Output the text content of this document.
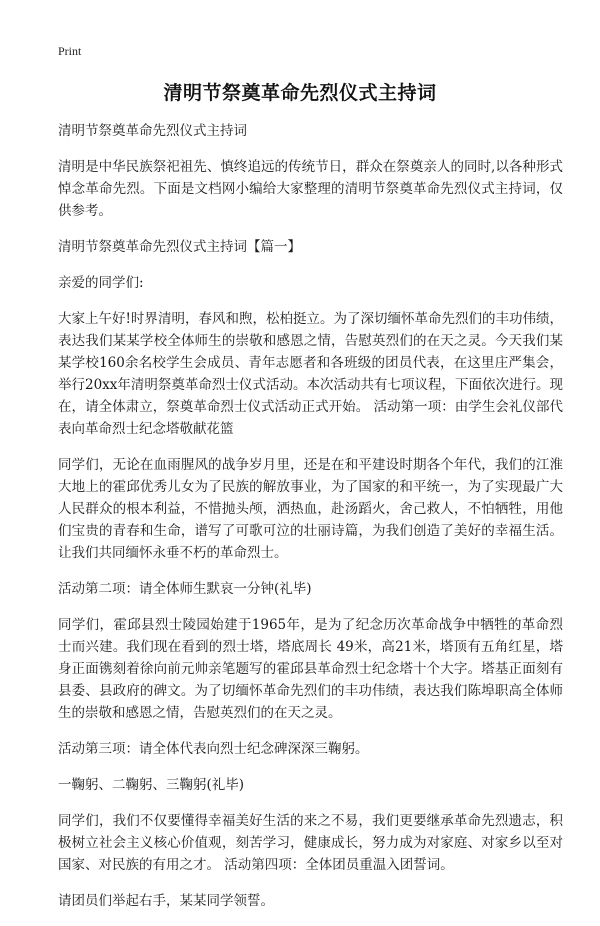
Print
清明节祭奠革命先烈仪式主持词

清明节祭奠革命先烈仪式主持词

清明是中华民族祭祀祖先、慎终追远的传统节日，群众在祭奠亲人的同时,以各种形式悼念革命先烈。下面是文档网小编给大家整理的清明节祭奠革命先烈仪式主持词，仅供参考。

清明节祭奠革命先烈仪式主持词【篇一】

亲爱的同学们:

大家上午好!时界清明，春风和煦，松柏挺立。为了深切缅怀革命先烈们的丰功伟绩，表达我们某某学校全体师生的崇敬和感恩之情，告慰英烈们的在天之灵。今天我们某某学校160余名校学生会成员、青年志愿者和各班级的团员代表，在这里庄严集会，举行20xx年清明祭奠革命烈士仪式活动。本次活动共有七项议程，下面依次进行。现在，请全体肃立，祭奠革命烈士仪式活动正式开始。 活动第一项：由学生会礼仪部代表向革命烈士纪念塔敬献花篮

同学们，无论在血雨腥风的战争岁月里，还是在和平建设时期各个年代，我们的江淮大地上的霍邱优秀儿女为了民族的解放事业，为了国家的和平统一，为了实现最广大人民群众的根本利益，不惜抛头颅，洒热血，赴汤蹈火，舍己救人，不怕牺牲，用他们宝贵的青春和生命，谱写了可歌可泣的壮丽诗篇，为我们创造了美好的幸福生活。让我们共同缅怀永垂不朽的革命烈士。

活动第二项：请全体师生默哀一分钟(礼毕)

同学们，霍邱县烈士陵园始建于1965年，是为了纪念历次革命战争中牺牲的革命烈士而兴建。我们现在看到的烈士塔，塔底周长 49米，高21米，塔顶有五角红星，塔身正面镌刻着徐向前元帅亲笔题写的霍邱县革命烈士纪念塔十个大字。塔基正面刻有县委、县政府的碑文。为了切缅怀革命先烈们的丰功伟绩，表达我们陈埠职高全体师生的崇敬和感恩之情，告慰英烈们的在天之灵。

活动第三项：请全体代表向烈士纪念碑深深三鞠躬。

一鞠躬、二鞠躬、三鞠躬(礼毕)

同学们，我们不仅要懂得幸福美好生活的来之不易，我们更要继承革命先烈遗志，积极树立社会主义核心价值观，刻苦学习，健康成长，努力成为对家庭、对家乡以至对国家、对民族的有用之才。 活动第四项：全体团员重温入团誓词。

请团员们举起右手，某某同学领誓。
